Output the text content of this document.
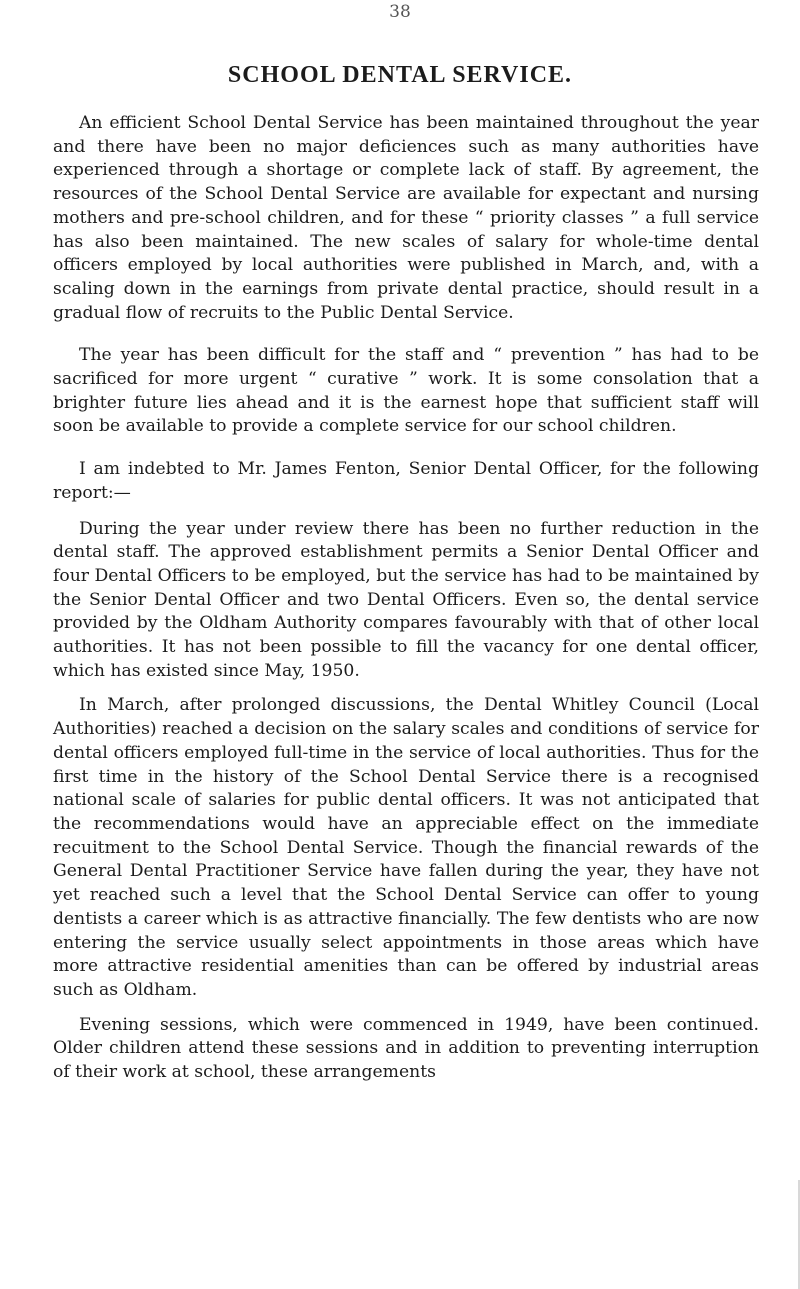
38
SCHOOL DENTAL SERVICE.

An efficient School Dental Service has been maintained throughout the year and there have been no major deficiences such as many authorities have experienced through a shortage or complete lack of staff. By agreement, the resources of the School Dental Service are available for expectant and nursing mothers and pre-school children, and for these “ priority classes ” a full service has also been maintained. The new scales of salary for whole-time dental officers employed by local authorities were published in March, and, with a scaling down in the earnings from private dental practice, should result in a gradual flow of recruits to the Public Dental Service.

The year has been difficult for the staff and “ prevention ” has had to be sacrificed for more urgent “ curative ” work. It is some consolation that a brighter future lies ahead and it is the earnest hope that sufficient staff will soon be available to provide a complete service for our school children.

I am indebted to Mr. James Fenton, Senior Dental Officer, for the following report:—

During the year under review there has been no further reduction in the dental staff. The approved establishment permits a Senior Dental Officer and four Dental Officers to be employed, but the service has had to be maintained by the Senior Dental Officer and two Dental Officers. Even so, the dental service provided by the Oldham Authority compares favourably with that of other local authorities. It has not been possible to fill the vacancy for one dental officer, which has existed since May, 1950.

In March, after prolonged discussions, the Dental Whitley Council (Local Authorities) reached a decision on the salary scales and conditions of service for dental officers employed full-time in the service of local authorities. Thus for the first time in the history of the School Dental Service there is a recognised national scale of salaries for public dental officers. It was not anticipated that the recommendations would have an appreciable effect on the immediate recuitment to the School Dental Service. Though the financial rewards of the General Dental Practitioner Service have fallen during the year, they have not yet reached such a level that the School Dental Service can offer to young dentists a career which is as attractive financially. The few dentists who are now entering the service usually select appointments in those areas which have more attractive residential amenities than can be offered by industrial areas such as Oldham.

Evening sessions, which were commenced in 1949, have been continued. Older children attend these sessions and in addition to preventing interruption of their work at school, these arrangements
